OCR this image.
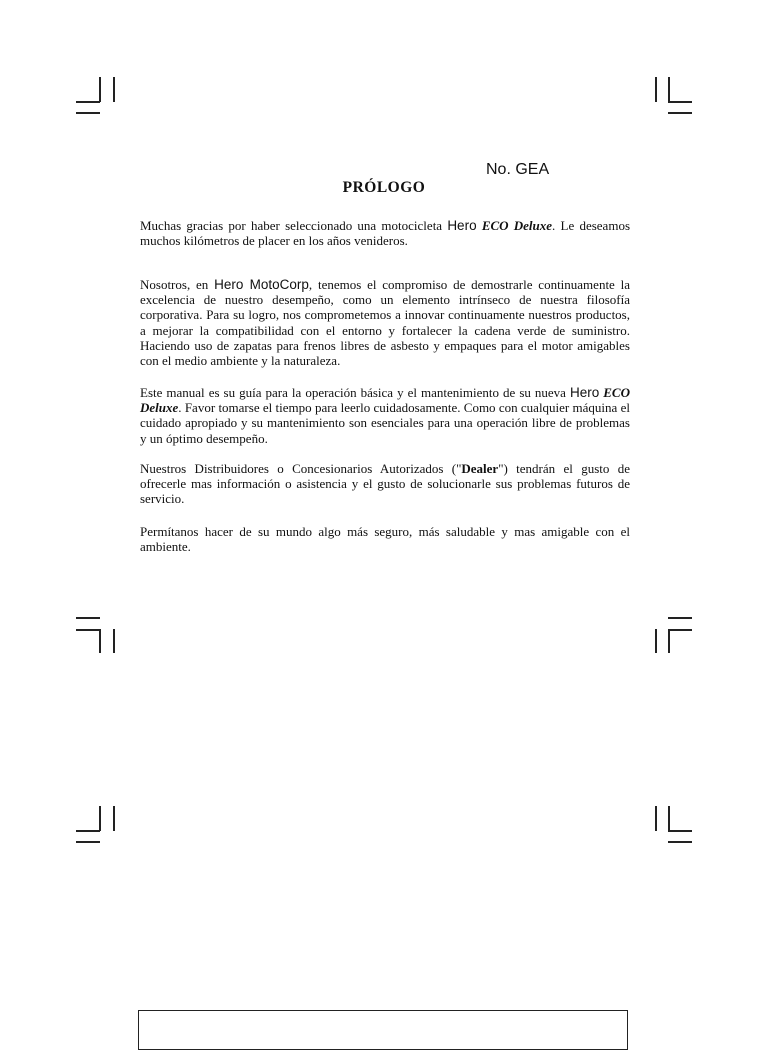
No. GEA

PRÓLOGO

Muchas gracias por haber seleccionado una motocicleta Hero ECO Deluxe. Le deseamos muchos kilómetros de placer en los años venideros.

Nosotros, en Hero MotoCorp, tenemos el compromiso de demostrarle continuamente la excelencia de nuestro desempeño, como un elemento intrínseco de nuestra filosofía corporativa. Para su logro, nos comprometemos a innovar continuamente nuestros productos, a mejorar la compatibilidad con el entorno y fortalecer la cadena verde de suministro. Haciendo uso de zapatas para frenos libres de asbesto y empaques para el motor amigables con el medio ambiente y la naturaleza.

Este manual es su guía para la operación básica y el mantenimiento de su nueva Hero ECO Deluxe. Favor tomarse el tiempo para leerlo cuidadosamente. Como con cualquier máquina el cuidado apropiado y su mantenimiento son esenciales para una operación libre de problemas y un óptimo desempeño.

Nuestros Distribuidores o Concesionarios Autorizados ("Dealer") tendrán el gusto de ofrecerle mas información o asistencia y el gusto de solucionarle sus problemas futuros de servicio.

Permítanos hacer de su mundo algo más seguro, más saludable y mas amigable con el ambiente.
